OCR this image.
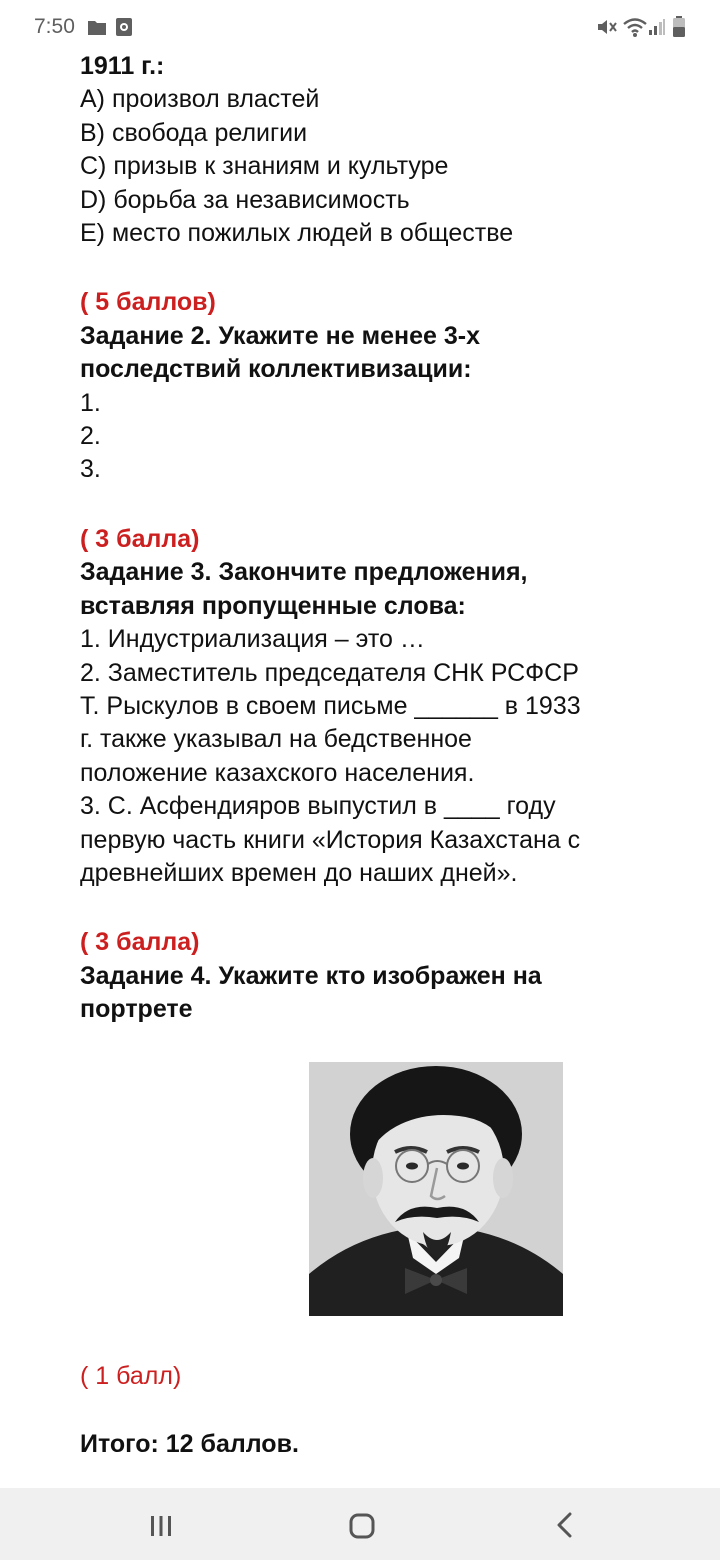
7:50
1911 г.:
A) произвол властей
B) свобода религии
C) призыв к знаниям и культуре
D) борьба за независимость
E) место пожилых людей в обществе
( 5 баллов)
Задание 2. Укажите не менее 3-х
последствий коллективизации:
1.
2.
3.
( 3 балла)
Задание 3. Закончите предложения,
вставляя пропущенные слова:
1. Индустриализация – это …
2. Заместитель председателя СНК РСФСР
Т. Рыскулов в своем письме ______ в 1933
г. также указывал на бедственное
положение казахского населения.
3. С. Асфендияров выпустил в ____ году
первую часть книги «История Казахстана с
древнейших времен до наших дней».
( 3 балла)
Задание 4. Укажите кто изображен на
портрете
( 1 балл)
Итого: 12 баллов.
